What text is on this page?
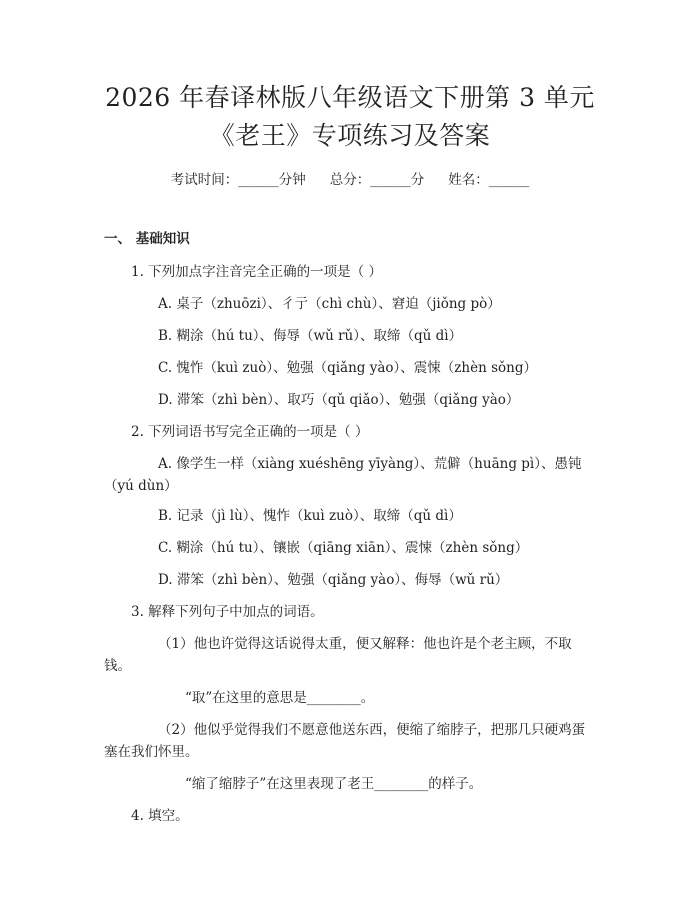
2026 年春译林版八年级语文下册第 3 单元
《老王》专项练习及答案
考试时间：______分钟 总分：______分 姓名：______
一、 基础知识
1. 下列加点字注音完全正确的一项是（ ）
A. 桌子（zhuōzi）、彳亍（chì chù）、窘迫（jiǒng pò）
B. 糊涂（hú tu）、侮辱（wǔ rǔ）、取缔（qǔ dì）
C. 愧怍（kuì zuò）、勉强（qiǎng yào）、震悚（zhèn sǒng）
D. 滞笨（zhì bèn）、取巧（qǔ qiǎo）、勉强（qiǎng yào）
2. 下列词语书写完全正确的一项是（ ）
A. 像学生一样（xiàng xuéshēng yīyàng）、荒僻（huāng pì）、愚钝
（yú dùn）
B. 记录（jì lù）、愧怍（kuì zuò）、取缔（qǔ dì）
C. 糊涂（hú tu）、镶嵌（qiāng xiān）、震悚（zhèn sǒng）
D. 滞笨（zhì bèn）、勉强（qiǎng yào）、侮辱（wǔ rǔ）
3. 解释下列句子中加点的词语。
（1）他也许觉得这话说得太重，便又解释：他也许是个老主顾，不取
钱。
“取”在这里的意思是________。
（2）他似乎觉得我们不愿意他送东西，便缩了缩脖子，把那几只硬鸡蛋
塞在我们怀里。
“缩了缩脖子”在这里表现了老王________的样子。
4. 填空。
